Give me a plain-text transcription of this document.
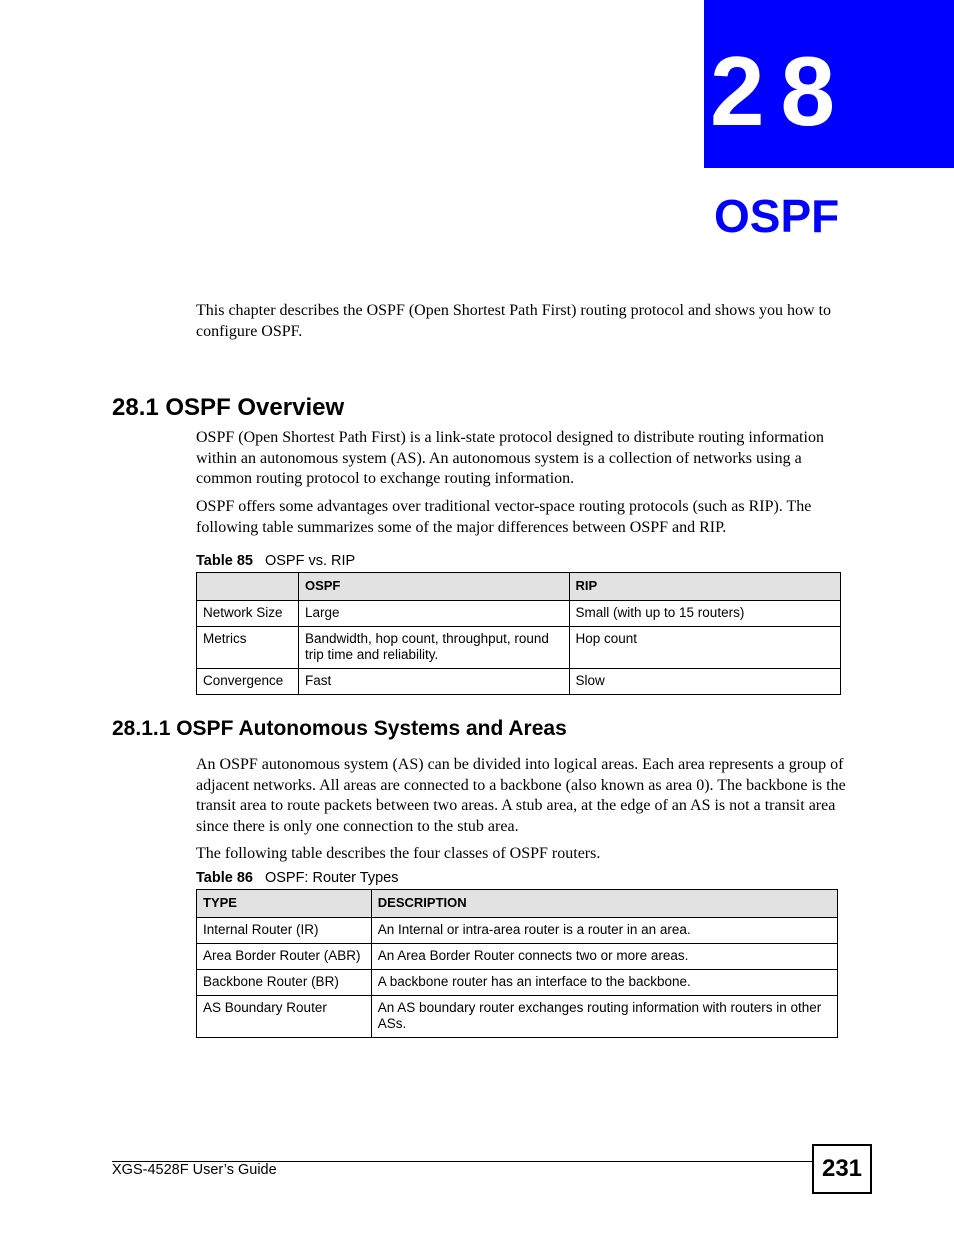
28
OSPF

This chapter describes the OSPF (Open Shortest Path First) routing protocol and shows you how to configure OSPF.

28.1 OSPF Overview

OSPF (Open Shortest Path First) is a link-state protocol designed to distribute routing information within an autonomous system (AS). An autonomous system is a collection of networks using a common routing protocol to exchange routing information.

OSPF offers some advantages over traditional vector-space routing protocols (such as RIP). The following table summarizes some of the major differences between OSPF and RIP.

Table 85 OSPF vs. RIP
	OSPF	RIP
Network Size	Large	Small (with up to 15 routers)
Metrics	Bandwidth, hop count, throughput, round trip time and reliability.	Hop count
Convergence	Fast	Slow
28.1.1 OSPF Autonomous Systems and Areas

An OSPF autonomous system (AS) can be divided into logical areas. Each area represents a group of adjacent networks. All areas are connected to a backbone (also known as area 0). The backbone is the transit area to route packets between two areas. A stub area, at the edge of an AS is not a transit area since there is only one connection to the stub area.

The following table describes the four classes of OSPF routers.

Table 86 OSPF: Router Types
TYPE	DESCRIPTION
Internal Router (IR)	An Internal or intra-area router is a router in an area.
Area Border Router (ABR)	An Area Border Router connects two or more areas.
Backbone Router (BR)	A backbone router has an interface to the backbone.
AS Boundary Router	An AS boundary router exchanges routing information with routers in other ASs.
XGS-4528F User’s Guide	231
